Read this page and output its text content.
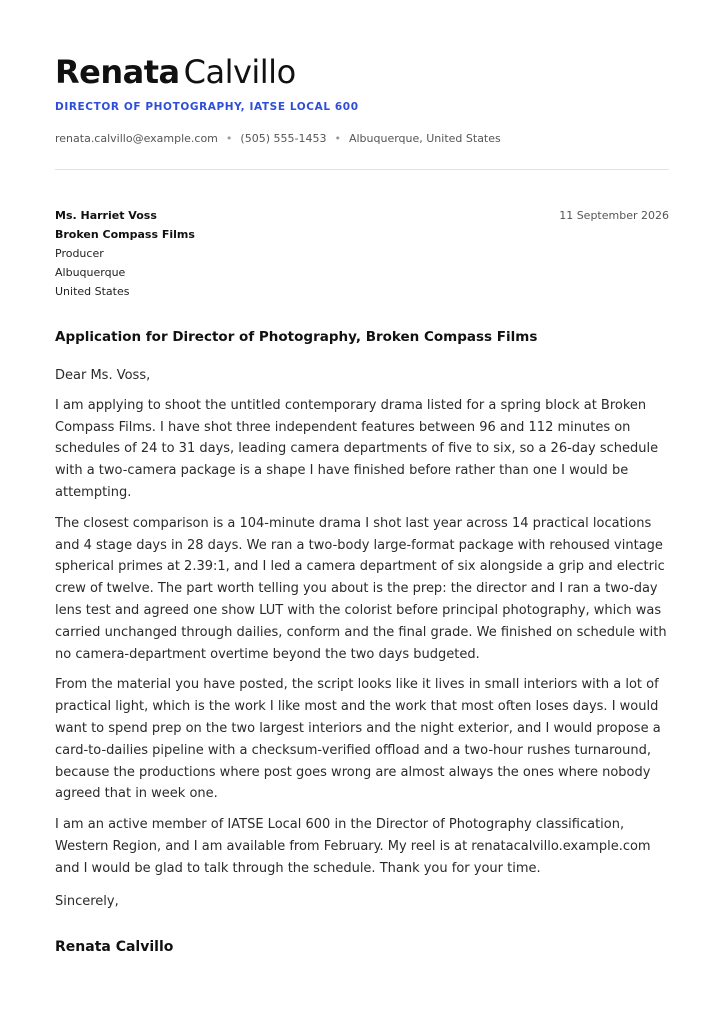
Renata Calvillo
DIRECTOR OF PHOTOGRAPHY, IATSE LOCAL 600
renata.calvillo@example.com • (505) 555-1453 • Albuquerque, United States
Ms. Harriet Voss
Broken Compass Films
Producer
Albuquerque
United States
11 September 2026
Application for Director of Photography, Broken Compass Films

Dear Ms. Voss,

I am applying to shoot the untitled contemporary drama listed for a spring block at Broken Compass Films. I have shot three independent features between 96 and 112 minutes on schedules of 24 to 31 days, leading camera departments of five to six, so a 26-day schedule with a two-camera package is a shape I have finished before rather than one I would be attempting.

The closest comparison is a 104-minute drama I shot last year across 14 practical locations and 4 stage days in 28 days. We ran a two-body large-format package with rehoused vintage spherical primes at 2.39:1, and I led a camera department of six alongside a grip and electric crew of twelve. The part worth telling you about is the prep: the director and I ran a two-day lens test and agreed one show LUT with the colorist before principal photography, which was carried unchanged through dailies, conform and the final grade. We finished on schedule with no camera-department overtime beyond the two days budgeted.

From the material you have posted, the script looks like it lives in small interiors with a lot of practical light, which is the work I like most and the work that most often loses days. I would want to spend prep on the two largest interiors and the night exterior, and I would propose a card-to-dailies pipeline with a checksum-verified offload and a two-hour rushes turnaround, because the productions where post goes wrong are almost always the ones where nobody agreed that in week one.

I am an active member of IATSE Local 600 in the Director of Photography classification, Western Region, and I am available from February. My reel is at renatacalvillo.example.com and I would be glad to talk through the schedule. Thank you for your time.

Sincerely,
Renata Calvillo
